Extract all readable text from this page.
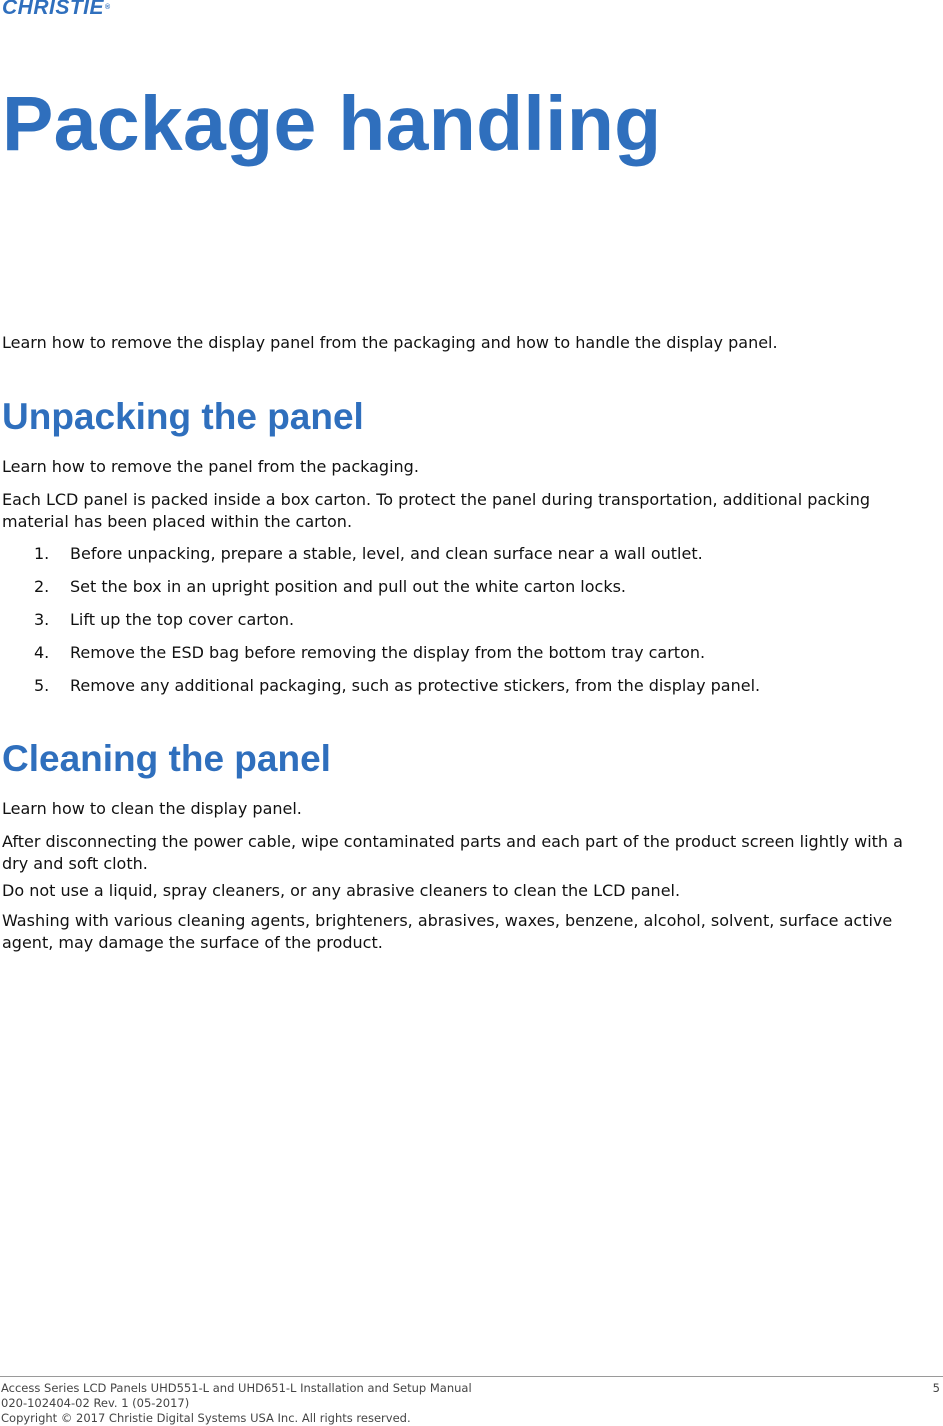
CHRISTIE®
Package handling

Learn how to remove the display panel from the packaging and how to handle the display panel.

Unpacking the panel

Learn how to remove the panel from the packaging.

Each LCD panel is packed inside a box carton. To protect the panel during transportation, additional packing material has been placed within the carton.

1.	Before unpacking, prepare a stable, level, and clean surface near a wall outlet.
2.	Set the box in an upright position and pull out the white carton locks.
3.	Lift up the top cover carton.
4.	Remove the ESD bag before removing the display from the bottom tray carton.
5.	Remove any additional packaging, such as protective stickers, from the display panel.
Cleaning the panel

Learn how to clean the display panel.

After disconnecting the power cable, wipe contaminated parts and each part of the product screen lightly with a dry and soft cloth.

Do not use a liquid, spray cleaners, or any abrasive cleaners to clean the LCD panel.

Washing with various cleaning agents, brighteners, abrasives, waxes, benzene, alcohol, solvent, surface active agent, may damage the surface of the product.

Access Series LCD Panels UHD551-L and UHD651-L Installation and Setup Manual
020-102404-02 Rev. 1 (05-2017)
Copyright © 2017 Christie Digital Systems USA Inc. All rights reserved.
5
